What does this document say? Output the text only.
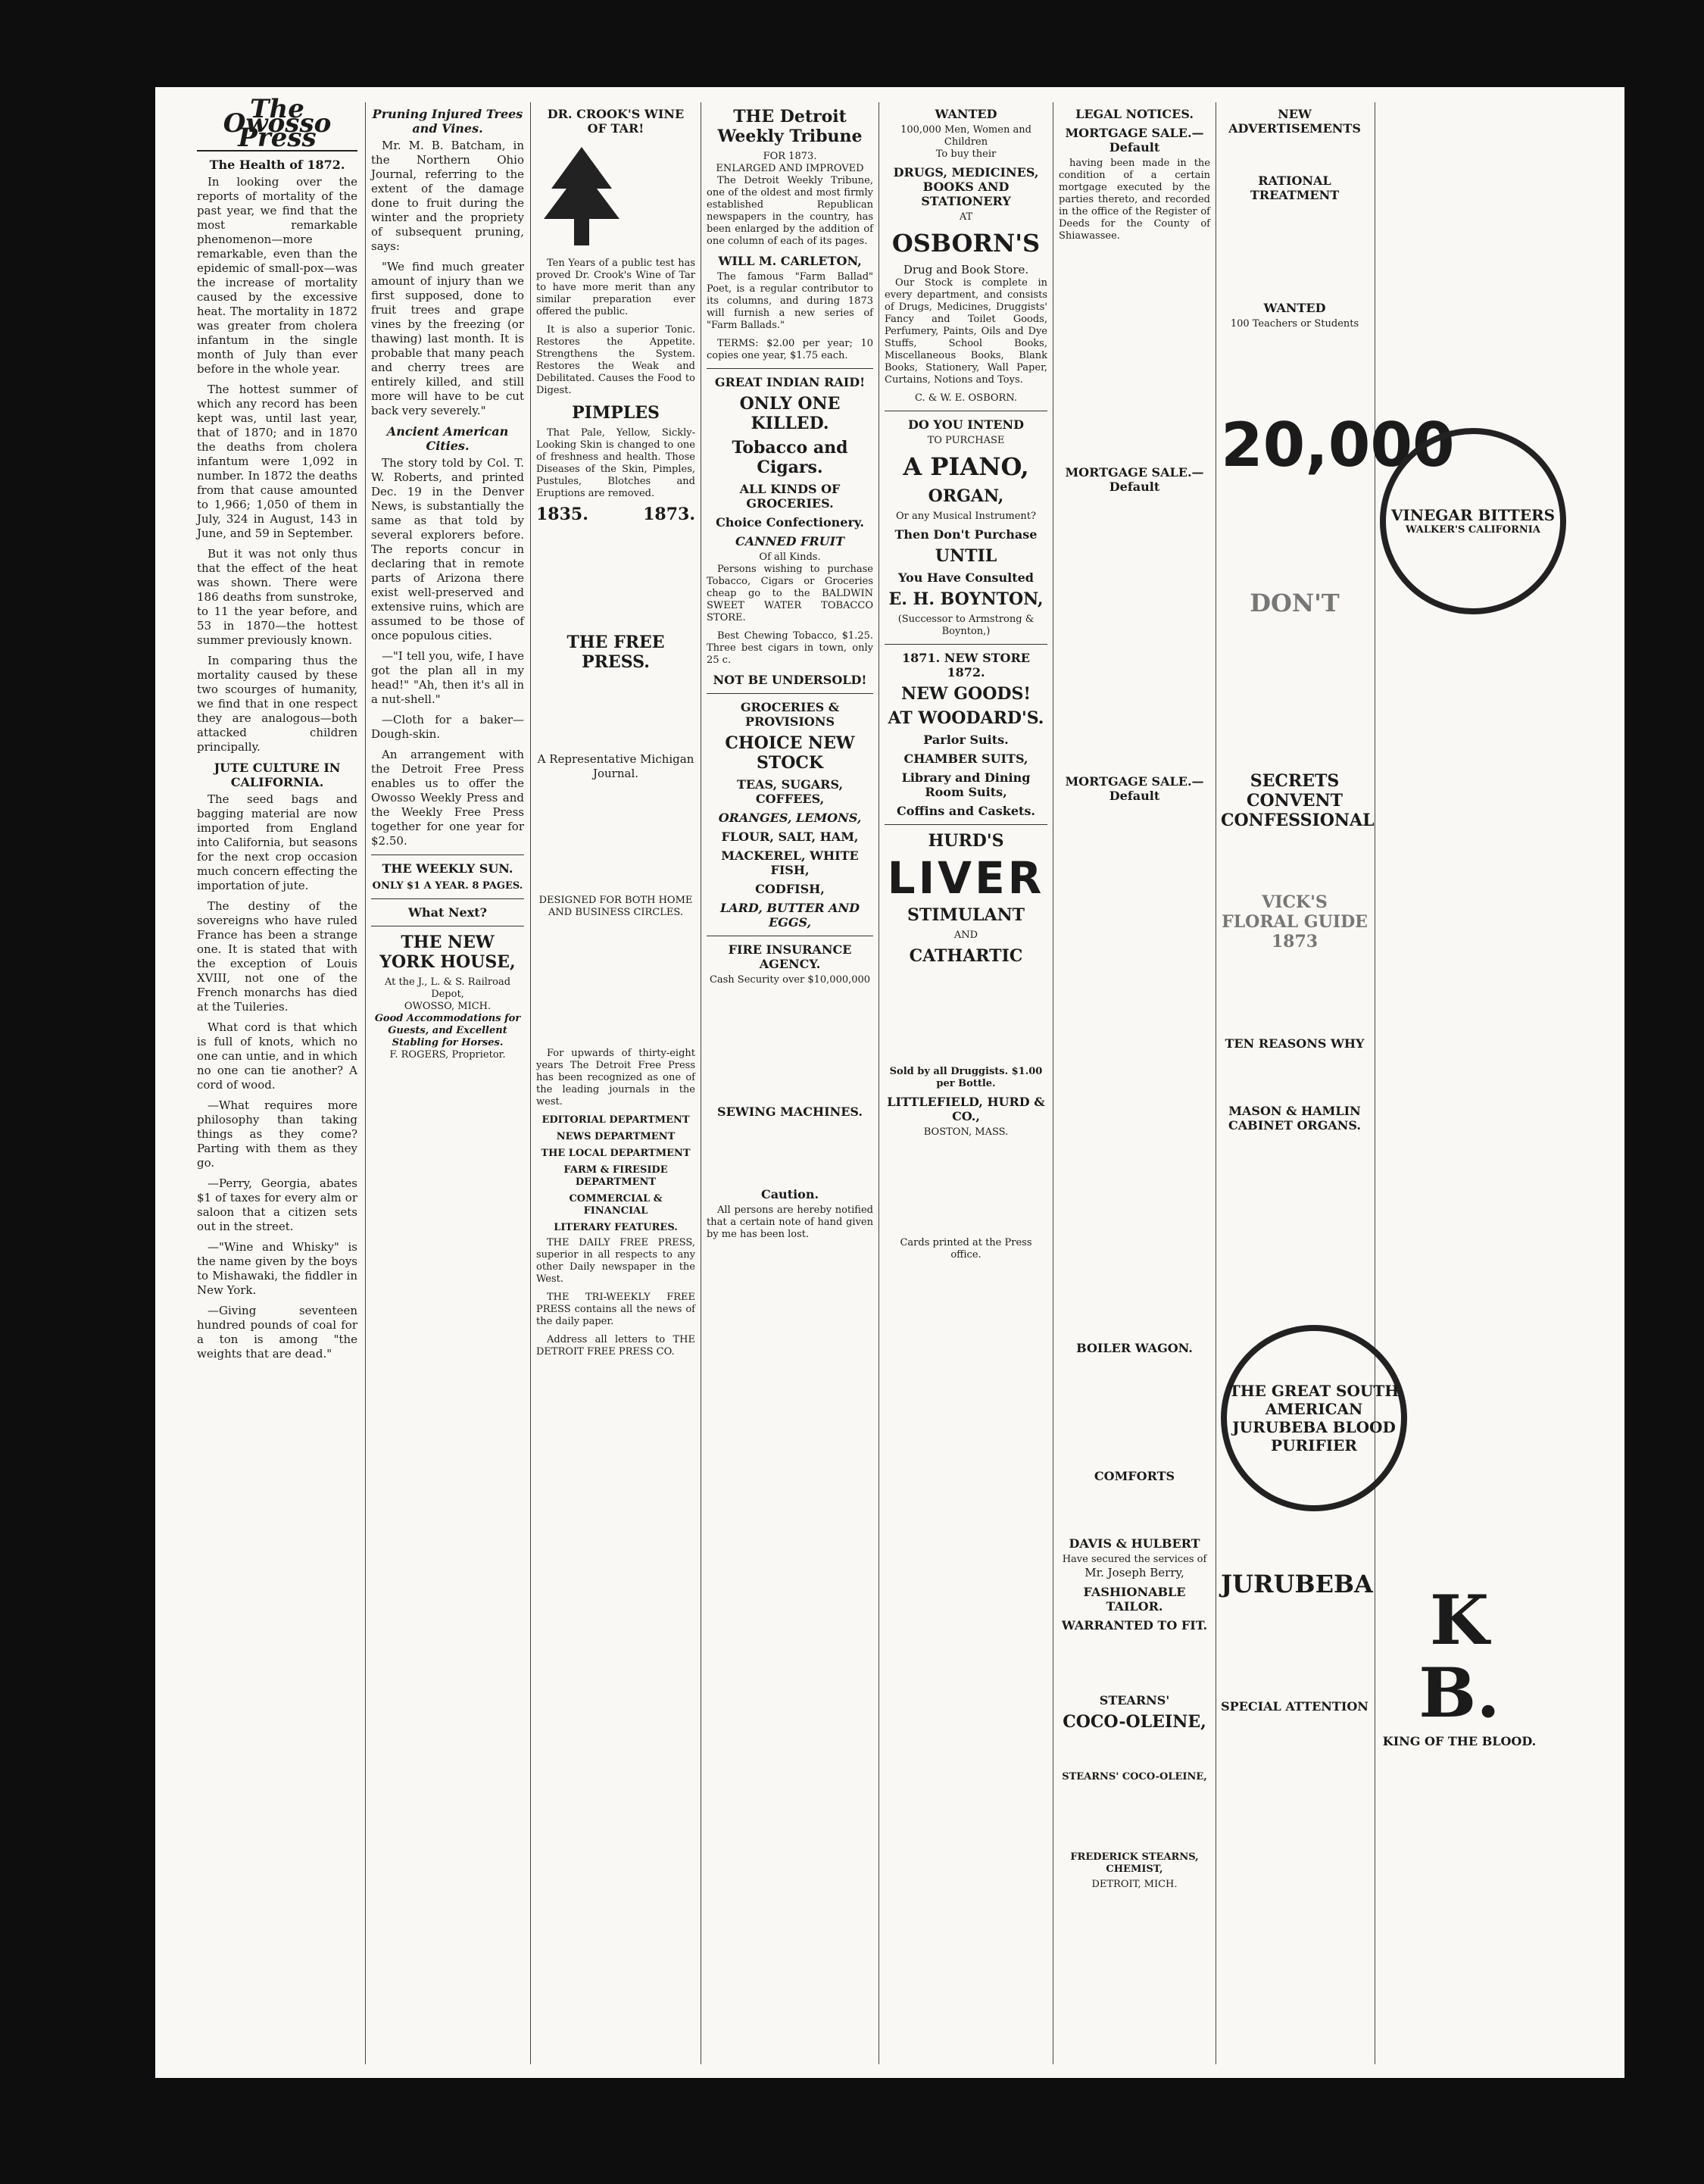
The Owosso Press
The Health of 1872.

In looking over the reports of mortality of the past year, we find that the most remarkable phenomenon—more remarkable, even than the epidemic of small-pox—was the increase of mortality caused by the excessive heat. The mortality in 1872 was greater from cholera infantum in the single month of July than ever before in the whole year.

The hottest summer of which any record has been kept was, until last year, that of 1870; and in 1870 the deaths from cholera infantum were 1,092 in number. In 1872 the deaths from that cause amounted to 1,966; 1,050 of them in July, 324 in August, 143 in June, and 59 in September.

But it was not only thus that the effect of the heat was shown. There were 186 deaths from sunstroke, to 11 the year before, and 53 in 1870—the hottest summer previously known.

In comparing thus the mortality caused by these two scourges of humanity, we find that in one respect they are analogous—both attacked children principally.

JUTE CULTURE IN CALIFORNIA.

The seed bags and bagging material are now imported from England into California, but seasons for the next crop occasion much concern effecting the importation of jute.

The destiny of the sovereigns who have ruled France has been a strange one. It is stated that with the exception of Louis XVIII, not one of the French monarchs has died at the Tuileries.

What cord is that which is full of knots, which no one can untie, and in which no one can tie another? A cord of wood.

—What requires more philosophy than taking things as they come? Parting with them as they go.

—Perry, Georgia, abates $1 of taxes for every alm or saloon that a citizen sets out in the street.

—"Wine and Whisky" is the name given by the boys to Mishawaki, the fiddler in New York.

—Giving seventeen hundred pounds of coal for a ton is among "the weights that are dead."

Pruning Injured Trees and Vines.

Mr. M. B. Batcham, in the Northern Ohio Journal, referring to the extent of the damage done to fruit during the winter and the propriety of subsequent pruning, says:

"We find much greater amount of injury than we first supposed, done to fruit trees and grape vines by the freezing (or thawing) last month. It is probable that many peach and cherry trees are entirely killed, and still more will have to be cut back very severely."

Ancient American Cities.

The story told by Col. T. W. Roberts, and printed Dec. 19 in the Denver News, is substantially the same as that told by several explorers before. The reports concur in declaring that in remote parts of Arizona there exist well-preserved and extensive ruins, which are assumed to be those of once populous cities.

—"I tell you, wife, I have got the plan all in my head!" "Ah, then it's all in a nut-shell."

—Cloth for a baker—Dough-skin.

An arrangement with the Detroit Free Press enables us to offer the Owosso Weekly Press and the Weekly Free Press together for one year for $2.50.

THE WEEKLY SUN.
ONLY $1 A YEAR. 8 PAGES.
What Next?
THE NEW YORK HOUSE,
At the J., L. & S. Railroad Depot,
OWOSSO, MICH.
Good Accommodations for Guests, and Excellent Stabling for Horses.
F. ROGERS, Proprietor.
DR. CROOK'S WINE OF TAR!

Ten Years of a public test has proved Dr. Crook's Wine of Tar to have more merit than any similar preparation ever offered the public.

It is also a superior Tonic. Restores the Appetite. Strengthens the System. Restores the Weak and Debilitated. Causes the Food to Digest.

PIMPLES

That Pale, Yellow, Sickly-Looking Skin is changed to one of freshness and health. Those Diseases of the Skin, Pimples, Pustules, Blotches and Eruptions are removed.

1835.	1873.
THE FREE PRESS.
A Representative Michigan Journal.
DESIGNED FOR BOTH HOME AND BUSINESS CIRCLES.

For upwards of thirty-eight years The Detroit Free Press has been recognized as one of the leading journals in the west.

EDITORIAL DEPARTMENT
NEWS DEPARTMENT
THE LOCAL DEPARTMENT
FARM & FIRESIDE DEPARTMENT
COMMERCIAL & FINANCIAL
LITERARY FEATURES.

THE DAILY FREE PRESS, superior in all respects to any other Daily newspaper in the West.

THE TRI-WEEKLY FREE PRESS contains all the news of the daily paper.

Address all letters to THE DETROIT FREE PRESS CO.

THE Detroit Weekly Tribune
FOR 1873.
ENLARGED AND IMPROVED

The Detroit Weekly Tribune, one of the oldest and most firmly established Republican newspapers in the country, has been enlarged by the addition of one column of each of its pages.

WILL M. CARLETON,

The famous "Farm Ballad" Poet, is a regular contributor to its columns, and during 1873 will furnish a new series of "Farm Ballads."

TERMS: $2.00 per year; 10 copies one year, $1.75 each.

GREAT INDIAN RAID!
ONLY ONE KILLED.
Tobacco and Cigars.
ALL KINDS OF GROCERIES.
Choice Confectionery.
CANNED FRUIT
Of all Kinds.

Persons wishing to purchase Tobacco, Cigars or Groceries cheap go to the BALDWIN SWEET WATER TOBACCO STORE.

Best Chewing Tobacco, $1.25. Three best cigars in town, only 25 c.

NOT BE UNDERSOLD!
GROCERIES & PROVISIONS
CHOICE NEW STOCK
TEAS, SUGARS, COFFEES,
ORANGES, LEMONS,
FLOUR, SALT, HAM,
MACKEREL, WHITE FISH,
CODFISH,
LARD, BUTTER AND EGGS,
FIRE INSURANCE AGENCY.
Cash Security over $10,000,000
SEWING MACHINES.
Caution.

All persons are hereby notified that a certain note of hand given by me has been lost.

WANTED
100,000 Men, Women and Children
To buy their
DRUGS, MEDICINES, BOOKS AND STATIONERY
AT
OSBORN'S
Drug and Book Store.

Our Stock is complete in every department, and consists of Drugs, Medicines, Druggists' Fancy and Toilet Goods, Perfumery, Paints, Oils and Dye Stuffs, School Books, Miscellaneous Books, Blank Books, Stationery, Wall Paper, Curtains, Notions and Toys.

C. & W. E. OSBORN.
DO YOU INTEND
TO PURCHASE
A PIANO,
ORGAN,
Or any Musical Instrument?
Then Don't Purchase
UNTIL
You Have Consulted
E. H. BOYNTON,
(Successor to Armstrong & Boynton,)
1871. NEW STORE 1872.
NEW GOODS!
AT WOODARD'S.
Parlor Suits.
CHAMBER SUITS,
Library and Dining Room Suits,
Coffins and Caskets.
HURD'S
LIVER
STIMULANT
AND
CATHARTIC
Sold by all Druggists. $1.00 per Bottle.
LITTLEFIELD, HURD & CO.,
BOSTON, MASS.
Cards printed at the Press office.
LEGAL NOTICES.
MORTGAGE SALE.—Default

having been made in the condition of a certain mortgage executed by the parties thereto, and recorded in the office of the Register of Deeds for the County of Shiawassee.

MORTGAGE SALE.—Default
MORTGAGE SALE.—Default
BOILER WAGON.
COMFORTS
DAVIS & HULBERT
Have secured the services of
Mr. Joseph Berry,
FASHIONABLE TAILOR.
WARRANTED TO FIT.
STEARNS'
COCO-OLEINE,
STEARNS' COCO-OLEINE,
FREDERICK STEARNS, CHEMIST,
DETROIT, MICH.
NEW ADVERTISEMENTS
RATIONAL TREATMENT
WANTED
100 Teachers or Students
20,000
DON'T
SECRETS CONVENT CONFESSIONAL
VICK'S FLORAL GUIDE 1873
TEN REASONS WHY
MASON & HAMLIN CABINET ORGANS.
THE GREAT SOUTH AMERICAN JURUBEBA BLOOD PURIFIER
JURUBEBA
SPECIAL ATTENTION
VINEGAR BITTERS
WALKER'S CALIFORNIA
K B.
KING OF THE BLOOD.
